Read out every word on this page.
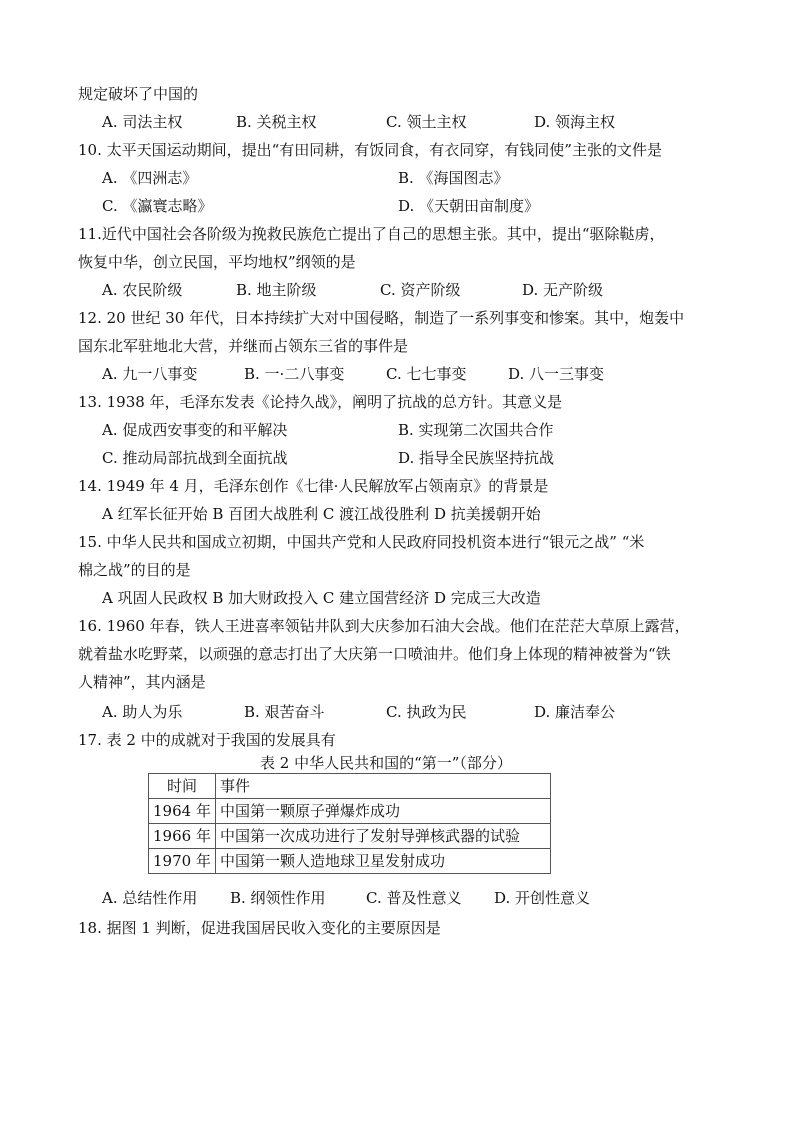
规定破坏了中国的
A. 司法主权	B. 关税主权	C. 领土主权	D. 领海主权
10. 太平天国运动期间，提出“有田同耕，有饭同食，有衣同穿，有钱同使”主张的文件是
A. 《四洲志》	B. 《海国图志》
C. 《瀛寰志略》	D. 《天朝田亩制度》
11.近代中国社会各阶级为挽救民族危亡提出了自己的思想主张。其中，提出“驱除鞑虏，
恢复中华，创立民国，平均地权”纲领的是
A. 农民阶级	B. 地主阶级	C. 资产阶级	D. 无产阶级
12. 20 世纪 30 年代，日本持续扩大对中国侵略，制造了一系列事变和惨案。其中，炮轰中
国东北军驻地北大营，并继而占领东三省的事件是
A. 九一八事变	B. 一·二八事变	C. 七七事变	D. 八一三事变
13. 1938 年，毛泽东发表《论持久战》，阐明了抗战的总方针。其意义是
A. 促成西安事变的和平解决	B. 实现第二次国共合作
C. 推动局部抗战到全面抗战	D. 指导全民族坚持抗战
14. 1949 年 4 月，毛泽东创作《七律·人民解放军占领南京》的背景是
A 红军长征开始 B 百团大战胜利 C 渡江战役胜利 D 抗美援朝开始
15. 中华人民共和国成立初期，中国共产党和人民政府同投机资本进行“银元之战” “米
棉之战”的目的是
A 巩固人民政权 B 加大财政投入 C 建立国营经济 D 完成三大改造
16. 1960 年春，铁人王进喜率领钻井队到大庆参加石油大会战。他们在茫茫大草原上露营，
就着盐水吃野菜，以顽强的意志打出了大庆第一口喷油井。他们身上体现的精神被誉为“铁
人精神”，其内涵是
A. 助人为乐	B. 艰苦奋斗	C. 执政为民	D. 廉洁奉公
17. 表 2 中的成就对于我国的发展具有
表 2 中华人民共和国的“第一”（部分）
时间	事件
1964 年	中国第一颗原子弹爆炸成功
1966 年	中国第一次成功进行了发射导弹核武器的试验
1970 年	中国第一颗人造地球卫星发射成功
A. 总结性作用 B. 纲领性作用	C. 普及性意义 D. 开创性意义
18. 据图 1 判断，促进我国居民收入变化的主要原因是
